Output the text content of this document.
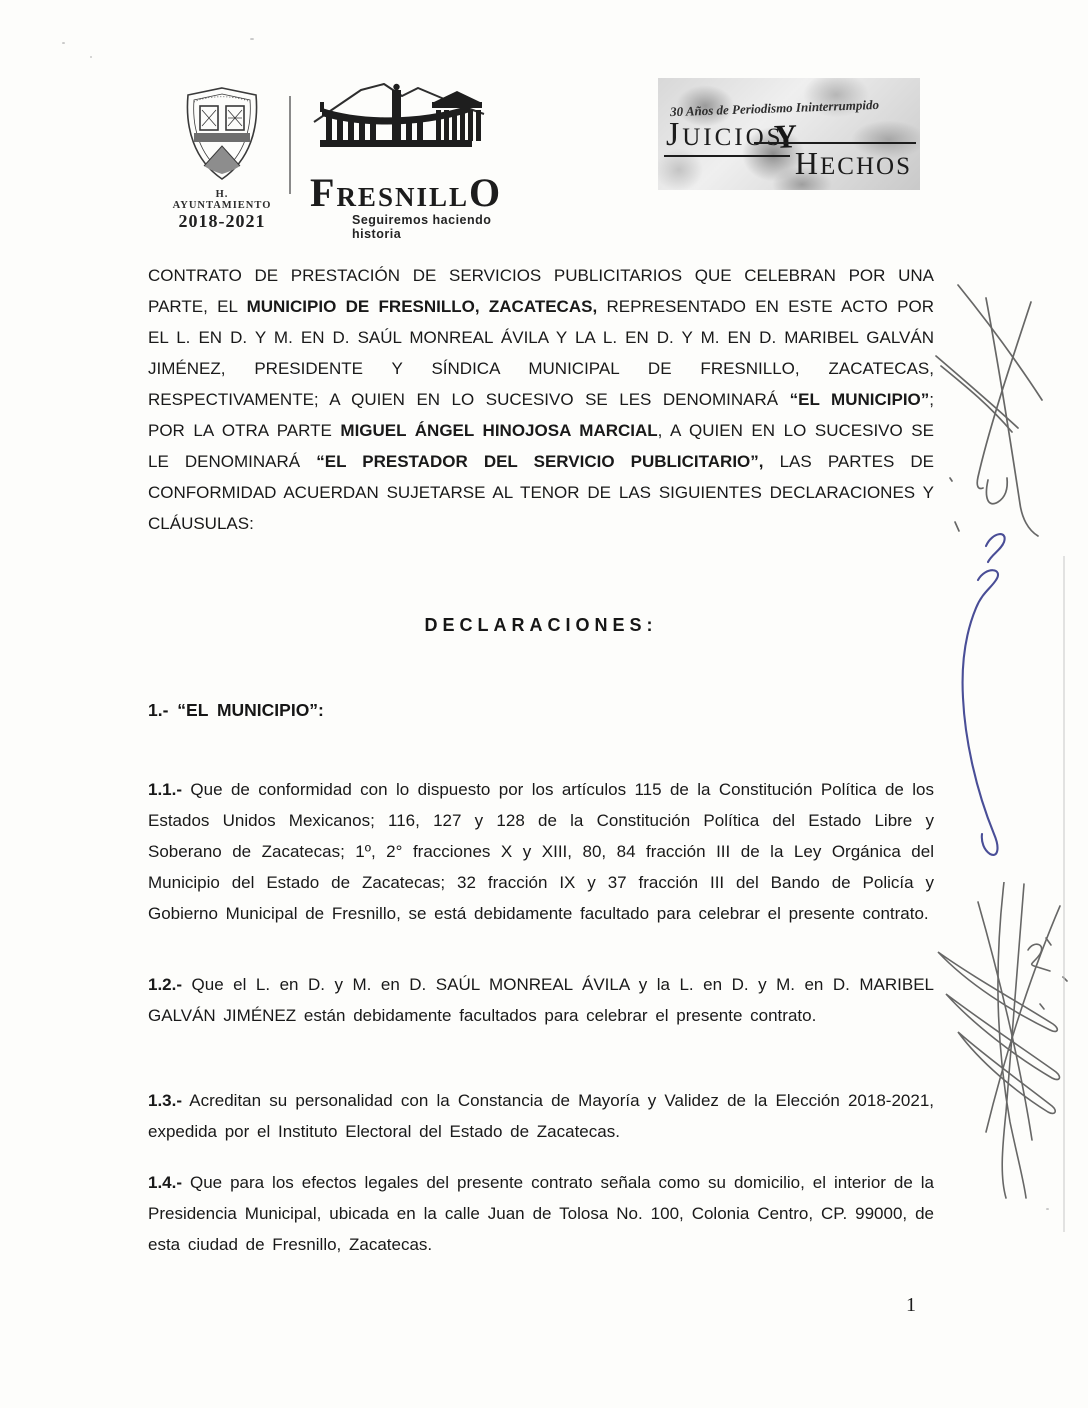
H. AYUNTAMIENTO
2018-2021
FRESNILLO
Seguiremos haciendo historia
30 Años de Periodismo Ininterrumpido
JUICIOS
Y
HECHOS

CONTRATO DE PRESTACIÓN DE SERVICIOS PUBLICITARIOS QUE CELEBRAN POR UNA PARTE, EL MUNICIPIO DE FRESNILLO, ZACATECAS, REPRESENTADO EN ESTE ACTO POR EL L. EN D. Y M. EN D. SAÚL MONREAL ÁVILA Y LA L. EN D. Y M. EN D. MARIBEL GALVÁN JIMÉNEZ, PRESIDENTE Y SÍNDICA MUNICIPAL DE FRESNILLO, ZACATECAS, RESPECTIVAMENTE; A QUIEN EN LO SUCESIVO SE LES DENOMINARÁ “EL MUNICIPIO”; POR LA OTRA PARTE MIGUEL ÁNGEL HINOJOSA MARCIAL, A QUIEN EN LO SUCESIVO SE LE DENOMINARÁ “EL PRESTADOR DEL SERVICIO PUBLICITARIO”, LAS PARTES DE CONFORMIDAD ACUERDAN SUJETARSE AL TENOR DE LAS SIGUIENTES DECLARACIONES Y CLÁUSULAS:

DECLARACIONES:
1.- “EL MUNICIPIO”:

1.1.- Que de conformidad con lo dispuesto por los artículos 115 de la Constitución Política de los Estados Unidos Mexicanos; 116, 127 y 128 de la Constitución Política del Estado Libre y Soberano de Zacatecas; 1º, 2° fracciones X y XIII, 80, 84 fracción III de la Ley Orgánica del Municipio del Estado de Zacatecas; 32 fracción IX y 37 fracción III del Bando de Policía y Gobierno Municipal de Fresnillo, se está debidamente facultado para celebrar el presente contrato.

1.2.- Que el L. en D. y M. en D. SAÚL MONREAL ÁVILA y la L. en D. y M. en D. MARIBEL GALVÁN JIMÉNEZ están debidamente facultados para celebrar el presente contrato.

1.3.- Acreditan su personalidad con la Constancia de Mayoría y Validez de la Elección 2018-2021, expedida por el Instituto Electoral del Estado de Zacatecas.

1.4.- Que para los efectos legales del presente contrato señala como su domicilio, el interior de la Presidencia Municipal, ubicada en la calle Juan de Tolosa No. 100, Colonia Centro, CP. 99000, de esta ciudad de Fresnillo, Zacatecas.

1
